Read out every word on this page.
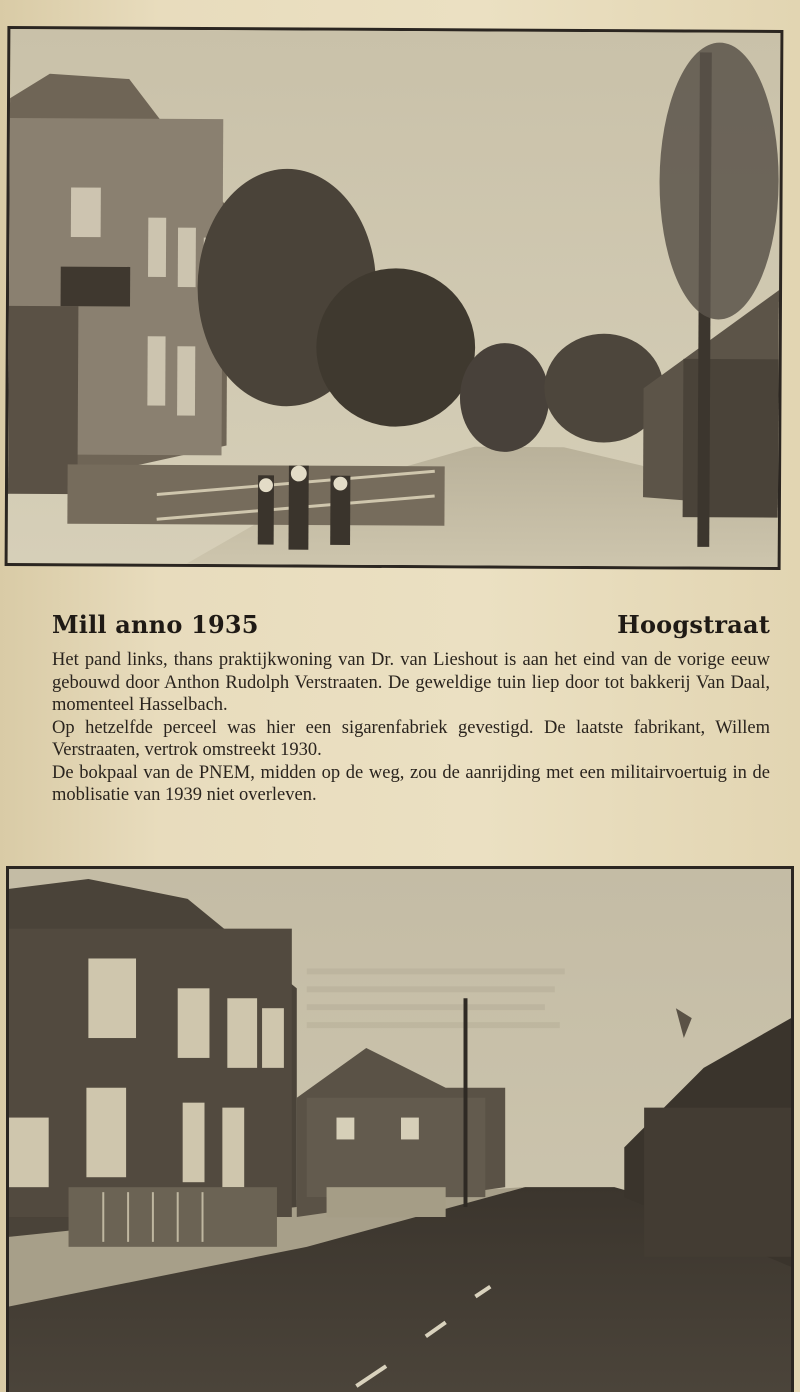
Mill anno 1935	Hoogstraat

Het pand links, thans praktijkwoning van Dr. van Lieshout is aan het eind van de vorige eeuw gebouwd door Anthon Rudolph Verstraaten. De geweldige tuin liep door tot bakkerij Van Daal, momenteel Hasselbach.

Op hetzelfde perceel was hier een sigarenfabriek gevestigd. De laatste fabrikant, Willem Verstraaten, vertrok omstreekt 1930.

De bokpaal van de PNEM, midden op de weg, zou de aanrijding met een militairvoertuig in de moblisatie van 1939 niet overleven.
